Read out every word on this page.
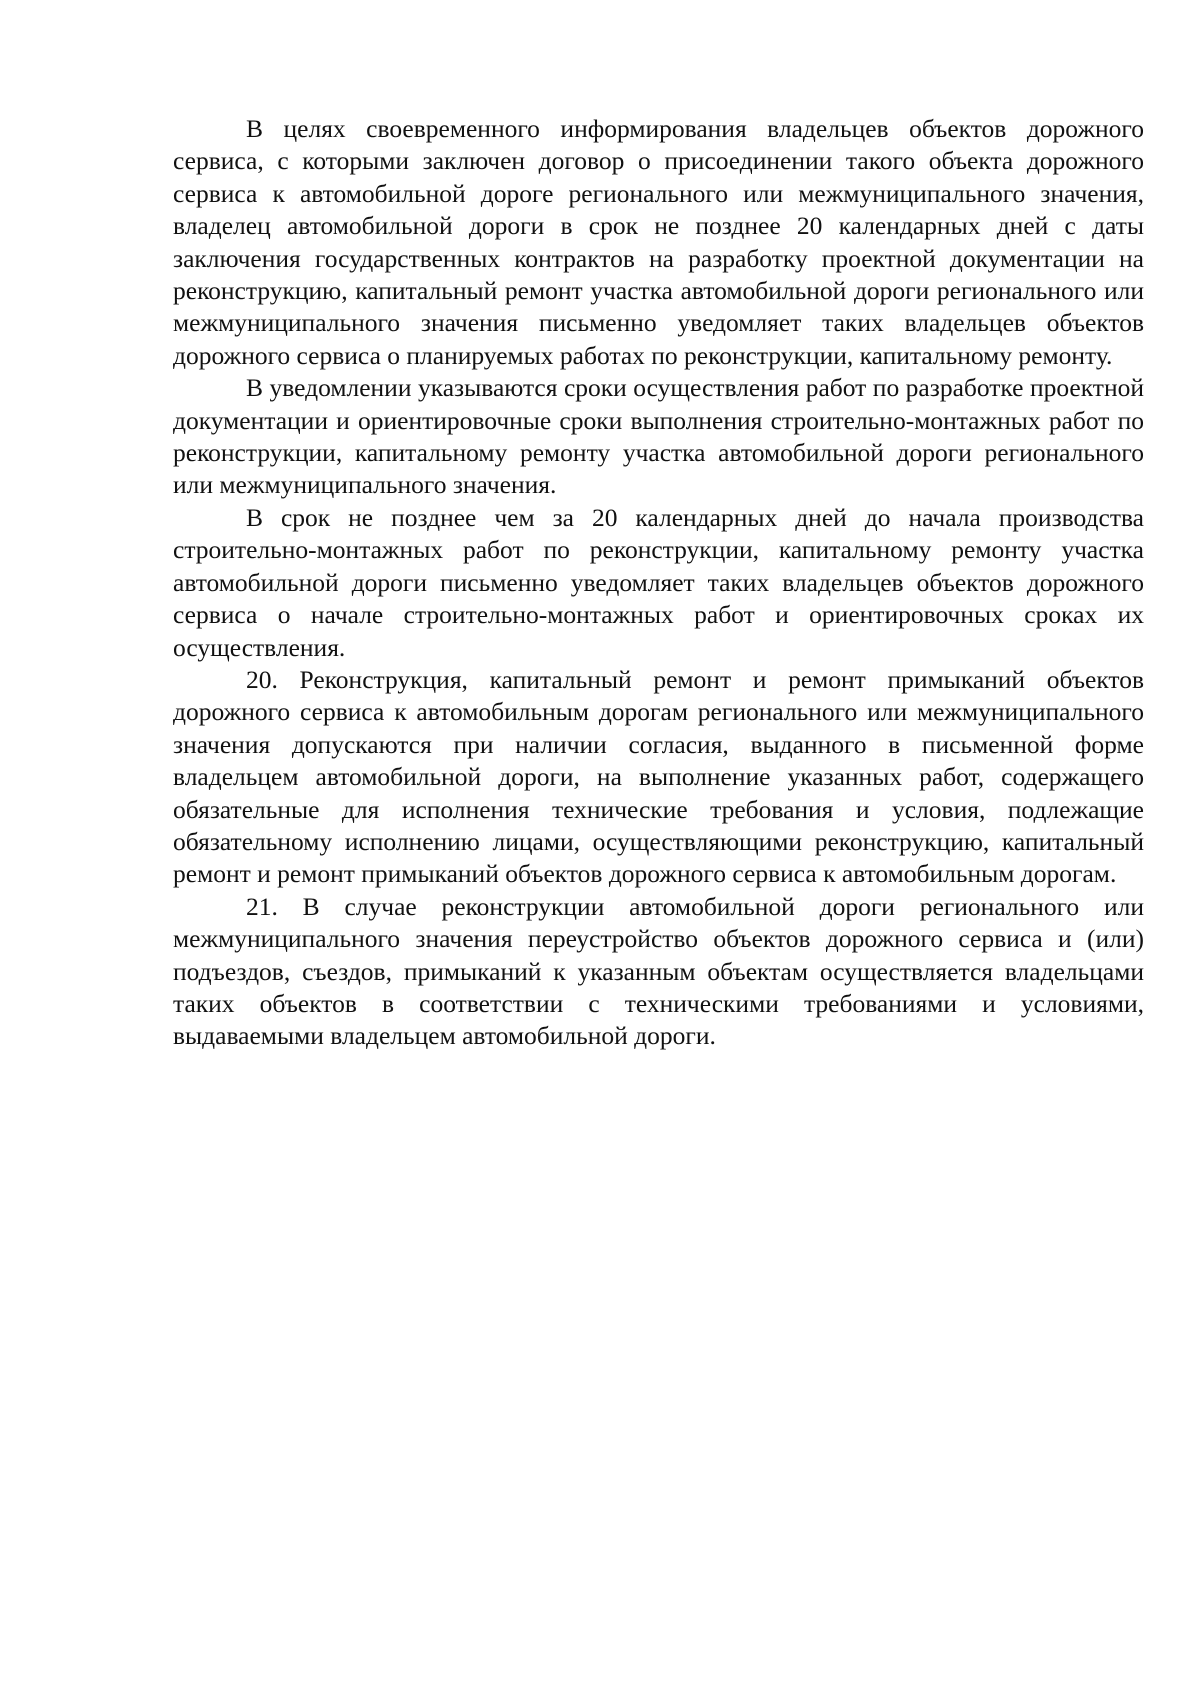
В целях своевременного информирования владельцев объектов дорожного сервиса, с которыми заключен договор о присоединении такого объекта дорожного сервиса к автомобильной дороге регионального или межмуниципального значения, владелец автомобильной дороги в срок не позднее 20 календарных дней с даты заключения государственных контрактов на разработку проектной документации на реконструкцию, капитальный ремонт участка автомобильной дороги регионального или межмуниципального значения письменно уведомляет таких владельцев объектов дорожного сервиса о планируемых работах по реконструкции, капитальному ремонту.

В уведомлении указываются сроки осуществления работ по разработке проектной документации и ориентировочные сроки выполнения строительно-монтажных работ по реконструкции, капитальному ремонту участка автомобильной дороги регионального или межмуниципального значения.

В срок не позднее чем за 20 календарных дней до начала производства строительно-монтажных работ по реконструкции, капитальному ремонту участка автомобильной дороги письменно уведомляет таких владельцев объектов дорожного сервиса о начале строительно-монтажных работ и ориентировочных сроках их осуществления.

20. Реконструкция, капитальный ремонт и ремонт примыканий объектов дорожного сервиса к автомобильным дорогам регионального или межмуниципального значения допускаются при наличии согласия, выданного в письменной форме владельцем автомобильной дороги, на выполнение указанных работ, содержащего обязательные для исполнения технические требования и условия, подлежащие обязательному исполнению лицами, осуществляющими реконструкцию, капитальный ремонт и ремонт примыканий объектов дорожного сервиса к автомобильным дорогам.

21. В случае реконструкции автомобильной дороги регионального или межмуниципального значения переустройство объектов дорожного сервиса и (или) подъездов, съездов, примыканий к указанным объектам осуществляется владельцами таких объектов в соответствии с техническими требованиями и условиями, выдаваемыми владельцем автомобильной дороги.
